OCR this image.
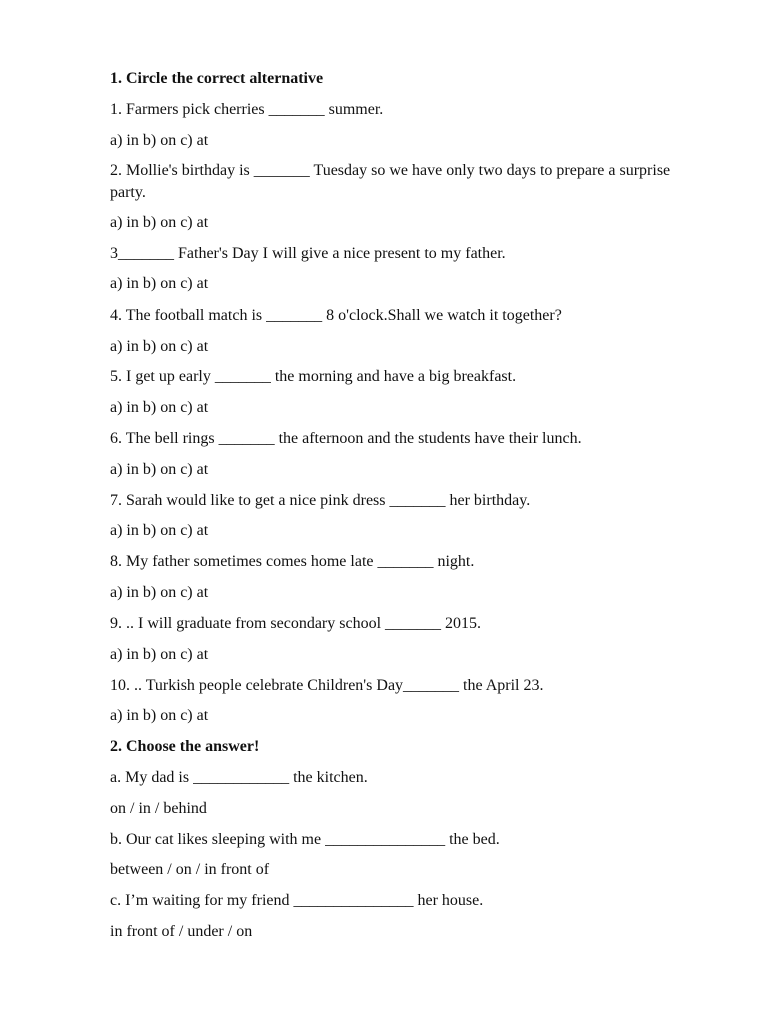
1. Circle the correct alternative
1. Farmers pick cherries _______ summer.
a) in b) on c) at
2. Mollie's birthday is _______ Tuesday so we have only two days to prepare a surprise party.
a) in b) on c) at
3_______ Father's Day I will give a nice present to my father.
a) in b) on c) at
4. The football match is _______ 8 o'clock.Shall we watch it together?
a) in b) on c) at
5. I get up early _______ the morning and have a big breakfast.
a) in b) on c) at
6. The bell rings _______ the afternoon and the students have their lunch.
a) in b) on c) at
7. Sarah would like to get a nice pink dress _______ her birthday.
a) in b) on c) at
8. My father sometimes comes home late _______ night.
a) in b) on c) at
9. .. I will graduate from secondary school _______ 2015.
a) in b) on c) at
10. .. Turkish people celebrate Children's Day_______ the April 23.
a) in b) on c) at
2. Choose the answer!
a. My dad is ____________ the kitchen.
on / in / behind
b. Our cat likes sleeping with me _______________ the bed.
between / on / in front of
c. I’m waiting for my friend _______________ her house.
in front of / under / on
